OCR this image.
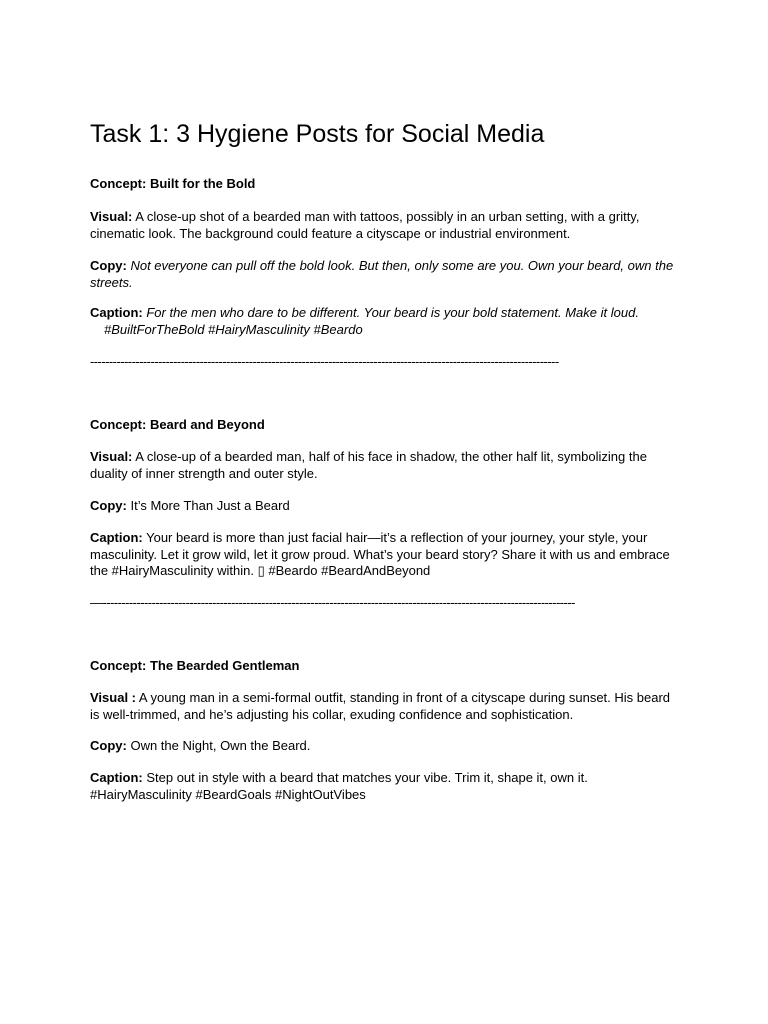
Task 1: 3 Hygiene Posts for Social Media

Concept: Built for the Bold

Visual: A close-up shot of a bearded man with tattoos, possibly in an urban setting, with a gritty, cinematic look. The background could feature a cityscape or industrial environment.

Copy: Not everyone can pull off the bold look. But then, only some are you. Own your beard, own the streets.

Caption: For the men who dare to be different. Your beard is your bold statement. Make it loud.
#BuiltForTheBold #HairyMasculinity #Beardo

----------------------------------------------------------------------------------------------------------------------------

Concept: Beard and Beyond

Visual: A close-up of a bearded man, half of his face in shadow, the other half lit, symbolizing the duality of inner strength and outer style.

Copy: It’s More Than Just a Beard

Caption: Your beard is more than just facial hair—it’s a reflection of your journey, your style, your masculinity. Let it grow wild, let it grow proud. What’s your beard story? Share it with us and embrace the #HairyMasculinity within. ▯ #Beardo #BeardAndBeyond

—-----------------------------------------------------------------------------------------------------------------------------

Concept: The Bearded Gentleman

Visual : A young man in a semi-formal outfit, standing in front of a cityscape during sunset. His beard is well-trimmed, and he’s adjusting his collar, exuding confidence and sophistication.

Copy: Own the Night, Own the Beard.

Caption: Step out in style with a beard that matches your vibe. Trim it, shape it, own it.
#HairyMasculinity #BeardGoals #NightOutVibes
